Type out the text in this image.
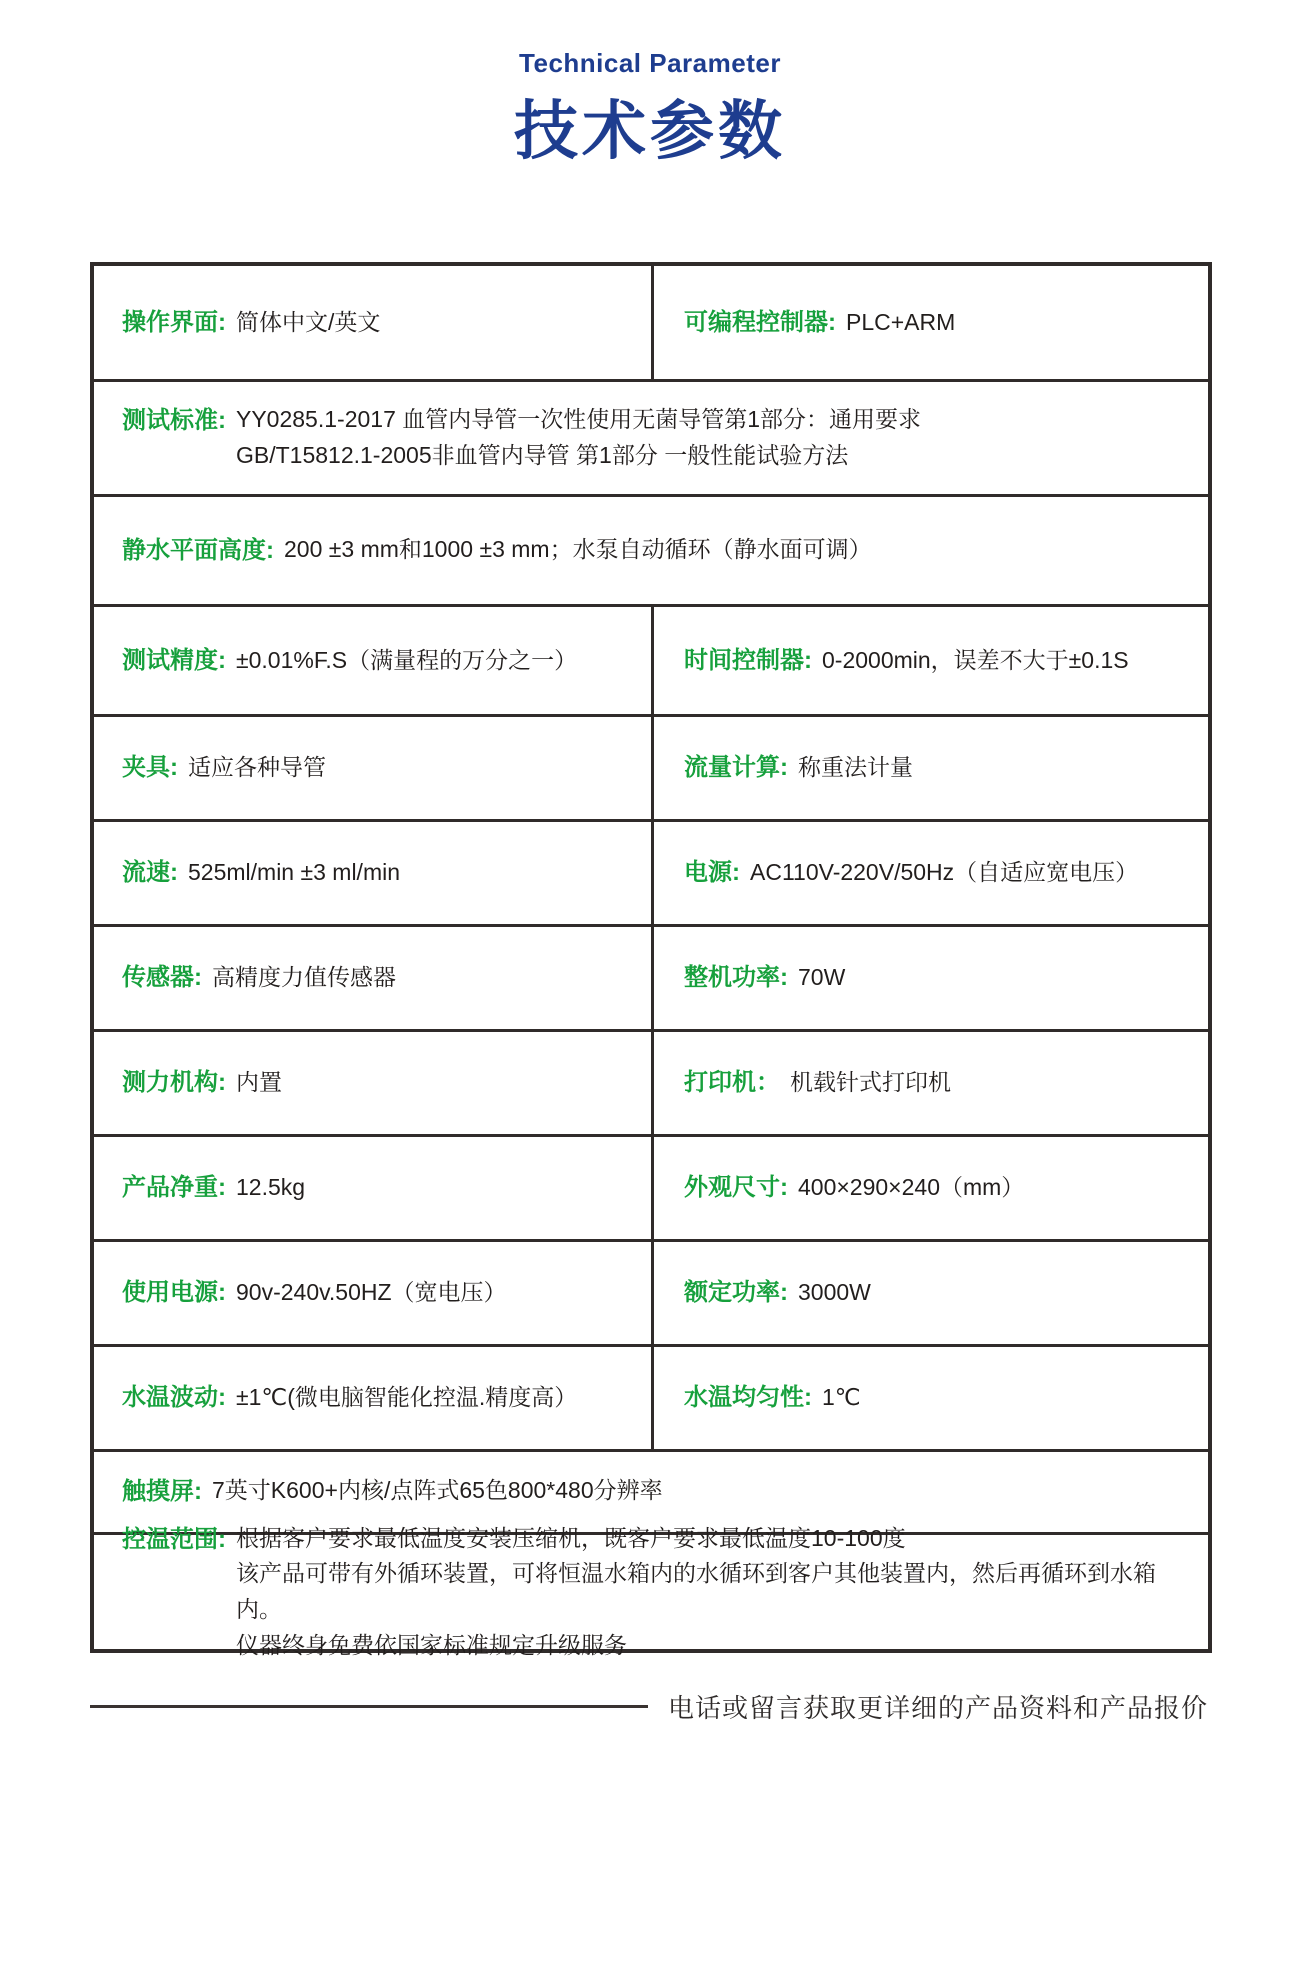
Technical Parameter
技术参数
操作界面: 简体中文/英文	可编程控制器: PLC+ARM
测试标准: YY0285.1-2017 血管内导管一次性使用无菌导管第1部分：通用要求
GB/T15812.1-2005非血管内导管 第1部分 一般性能试验方法
静水平面高度: 200 ±3 mm和1000 ±3 mm；水泵自动循环（静水面可调）
测试精度: ±0.01%F.S（满量程的万分之一）	时间控制器: 0-2000min，误差不大于±0.1S
夹具: 适应各种导管	流量计算: 称重法计量
流速: 525ml/min ±3 ml/min	电源: AC110V-220V/50Hz（自适应宽电压）
传感器: 高精度力值传感器	整机功率: 70W
测力机构: 内置	打印机： 机载针式打印机
产品净重: 12.5kg	外观尺寸: 400×290×240（mm）
使用电源: 90v-240v.50HZ（宽电压）	额定功率: 3000W
水温波动: ±1℃(微电脑智能化控温.精度高）	水温均匀性: 1℃
触摸屏: 7英寸K600+内核/点阵式65色800*480分辨率
控温范围: 根据客户要求最低温度安装压缩机，既客户要求最低温度10-100度
该产品可带有外循环装置，可将恒温水箱内的水循环到客户其他装置内，然后再循环到水箱内。
仪器终身免费依国家标准规定升级服务
电话或留言获取更详细的产品资料和产品报价
